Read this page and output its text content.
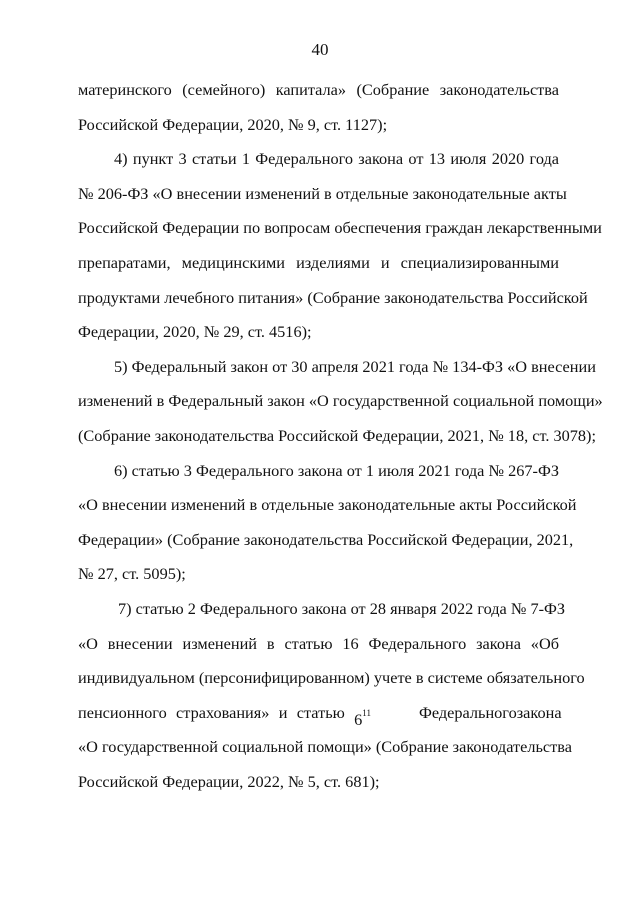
40
материнского (семейного) капитала» (Собрание законодательства
Российской Федерации, 2020, № 9, ст. 1127);
4) пункт 3 статьи 1 Федерального закона от 13 июля 2020 года
№ 206-ФЗ «О внесении изменений в отдельные законодательные акты
Российской Федерации по вопросам обеспечения граждан лекарственными
препаратами, медицинскими изделиями и специализированными
продуктами лечебного питания» (Собрание законодательства Российской
Федерации, 2020, № 29, ст. 4516);
5) Федеральный закон от 30 апреля 2021 года № 134-ФЗ «О внесении
изменений в Федеральный закон «О государственной социальной помощи»
(Собрание законодательства Российской Федерации, 2021, № 18, ст. 3078);
6) статью 3 Федерального закона от 1 июля 2021 года № 267-ФЗ
«О внесении изменений в отдельные законодательные акты Российской
Федерации» (Собрание законодательства Российской Федерации, 2021,
№ 27, ст. 5095);
7) статью 2 Федерального закона от 28 января 2022 года № 7-ФЗ
«О внесении изменений в статью 16 Федерального закона «Об
индивидуальном (персонифицированном) учете в системе обязательного
пенсионного страхования» и статью $6^{11}$	Федерального закона
«О государственной социальной помощи» (Собрание законодательства
Российской Федерации, 2022, № 5, ст. 681);
